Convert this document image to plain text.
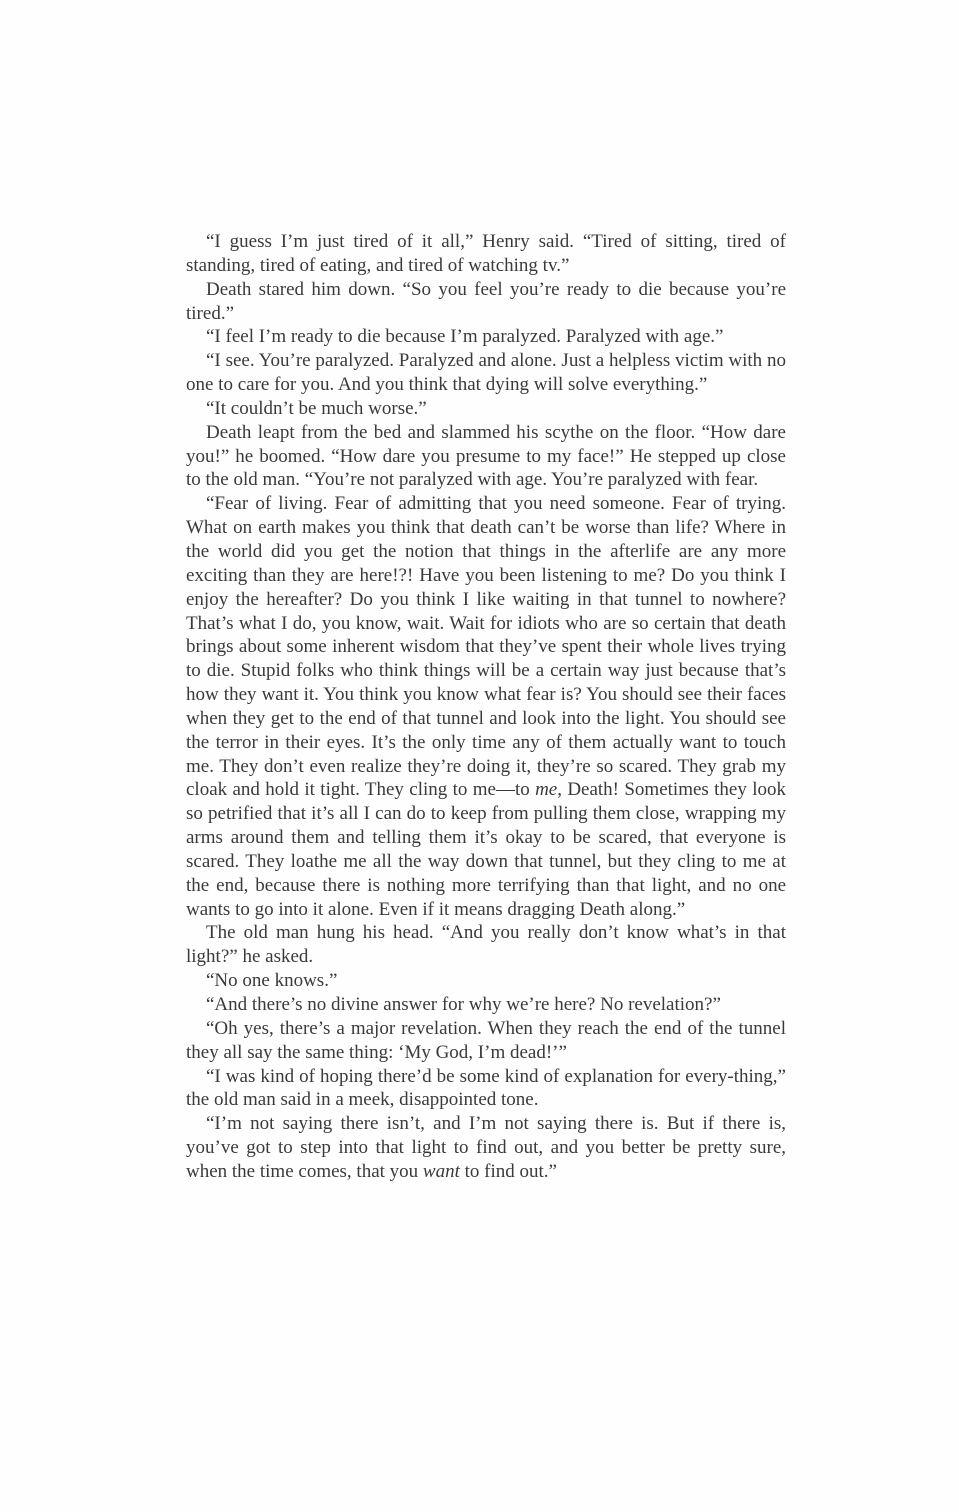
“I guess I’m just tired of it all,” Henry said. “Tired of sitting, tired of standing, tired of eating, and tired of watching tv.”

Death stared him down. “So you feel you’re ready to die because you’re tired.”

“I feel I’m ready to die because I’m paralyzed. Paralyzed with age.”

“I see. You’re paralyzed. Paralyzed and alone. Just a helpless victim with no one to care for you. And you think that dying will solve everything.”

“It couldn’t be much worse.”

Death leapt from the bed and slammed his scythe on the floor. “How dare you!” he boomed. “How dare you presume to my face!” He stepped up close to the old man. “You’re not paralyzed with age. You’re paralyzed with fear.

“Fear of living. Fear of admitting that you need someone. Fear of trying. What on earth makes you think that death can’t be worse than life? Where in the world did you get the notion that things in the afterlife are any more exciting than they are here!?! Have you been listening to me? Do you think I enjoy the hereafter? Do you think I like waiting in that tunnel to nowhere? That’s what I do, you know, wait. Wait for idiots who are so certain that death brings about some inherent wisdom that they’ve spent their whole lives trying to die. Stupid folks who think things will be a certain way just because that’s how they want it. You think you know what fear is? You should see their faces when they get to the end of that tunnel and look into the light. You should see the terror in their eyes. It’s the only time any of them actually want to touch me. They don’t even realize they’re doing it, they’re so scared. They grab my cloak and hold it tight. They cling to me—to me, Death! Sometimes they look so petrified that it’s all I can do to keep from pulling them close, wrapping my arms around them and telling them it’s okay to be scared, that everyone is scared. They loathe me all the way down that tunnel, but they cling to me at the end, because there is nothing more terrifying than that light, and no one wants to go into it alone. Even if it means dragging Death along.”

The old man hung his head. “And you really don’t know what’s in that light?” he asked.

“No one knows.”

“And there’s no divine answer for why we’re here? No revelation?”

“Oh yes, there’s a major revelation. When they reach the end of the tunnel they all say the same thing: ‘My God, I’m dead!’”

“I was kind of hoping there’d be some kind of explanation for every-thing,” the old man said in a meek, disappointed tone.

“I’m not saying there isn’t, and I’m not saying there is. But if there is, you’ve got to step into that light to find out, and you better be pretty sure, when the time comes, that you want to find out.”
